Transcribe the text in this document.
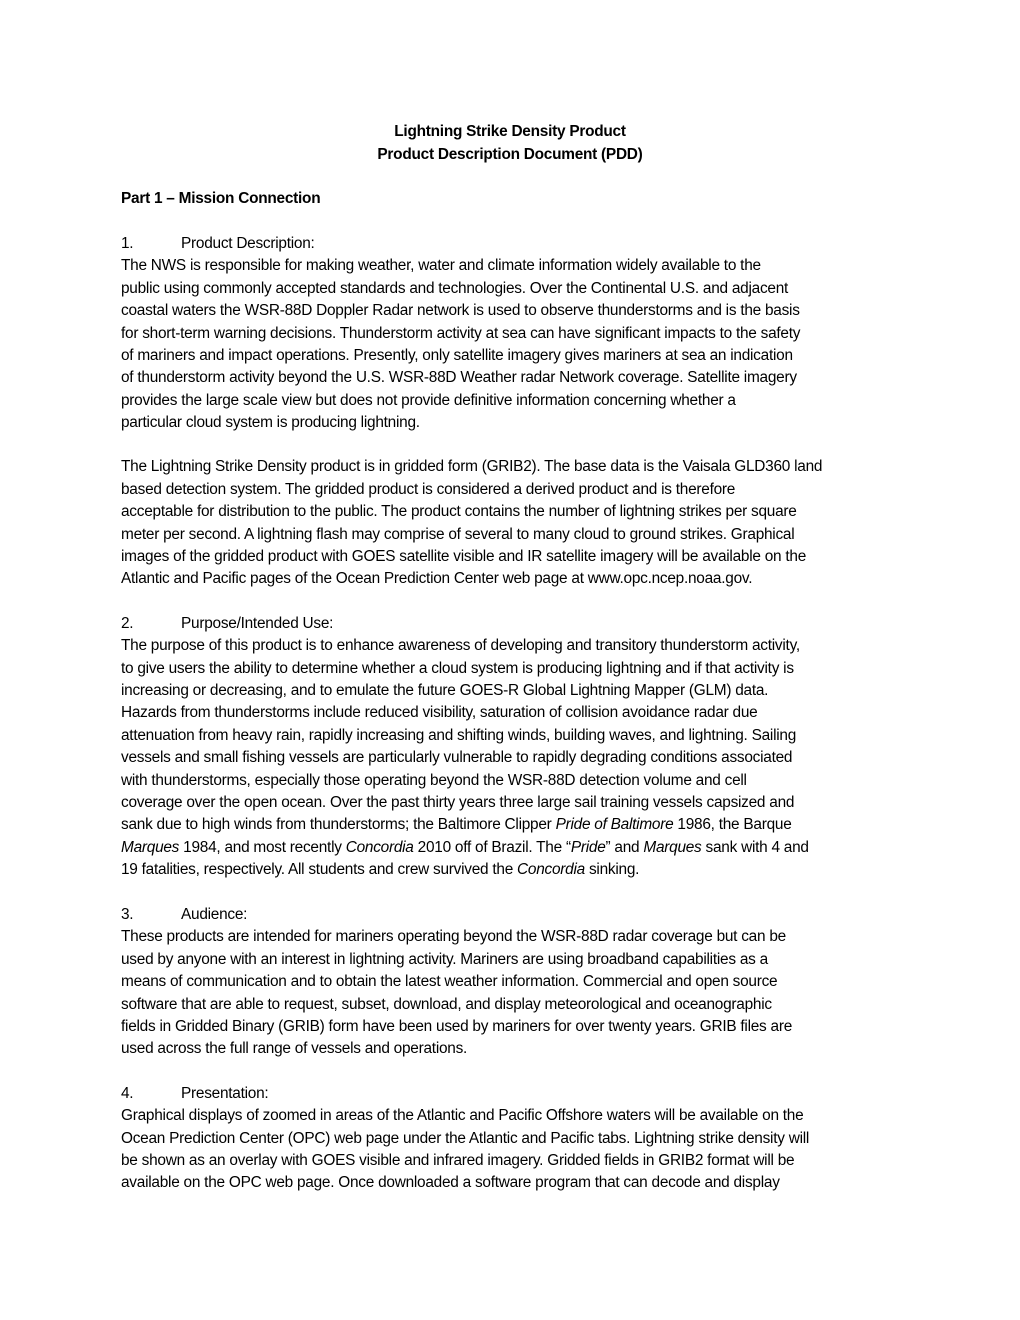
Lightning Strike Density Product
Product Description Document (PDD)
Part 1 – Mission Connection
1.	Product Description:
The NWS is responsible for making weather, water and climate information widely available to the
public using commonly accepted standards and technologies. Over the Continental U.S. and adjacent
coastal waters the WSR-88D Doppler Radar network is used to observe thunderstorms and is the basis
for short-term warning decisions. Thunderstorm activity at sea can have significant impacts to the safety
of mariners and impact operations. Presently, only satellite imagery gives mariners at sea an indication
of thunderstorm activity beyond the U.S. WSR-88D Weather radar Network coverage. Satellite imagery
provides the large scale view but does not provide definitive information concerning whether a
particular cloud system is producing lightning.
The Lightning Strike Density product is in gridded form (GRIB2). The base data is the Vaisala GLD360 land
based detection system. The gridded product is considered a derived product and is therefore
acceptable for distribution to the public. The product contains the number of lightning strikes per square
meter per second. A lightning flash may comprise of several to many cloud to ground strikes. Graphical
images of the gridded product with GOES satellite visible and IR satellite imagery will be available on the
Atlantic and Pacific pages of the Ocean Prediction Center web page at www.opc.ncep.noaa.gov.
2.	Purpose/Intended Use:
The purpose of this product is to enhance awareness of developing and transitory thunderstorm activity,
to give users the ability to determine whether a cloud system is producing lightning and if that activity is
increasing or decreasing, and to emulate the future GOES-R Global Lightning Mapper (GLM) data.
Hazards from thunderstorms include reduced visibility, saturation of collision avoidance radar due
attenuation from heavy rain, rapidly increasing and shifting winds, building waves, and lightning. Sailing
vessels and small fishing vessels are particularly vulnerable to rapidly degrading conditions associated
with thunderstorms, especially those operating beyond the WSR-88D detection volume and cell
coverage over the open ocean. Over the past thirty years three large sail training vessels capsized and
sank due to high winds from thunderstorms; the Baltimore Clipper Pride of Baltimore 1986, the Barque
Marques 1984, and most recently Concordia 2010 off of Brazil. The “Pride” and Marques sank with 4 and
19 fatalities, respectively. All students and crew survived the Concordia sinking.
3.	Audience:
These products are intended for mariners operating beyond the WSR-88D radar coverage but can be
used by anyone with an interest in lightning activity. Mariners are using broadband capabilities as a
means of communication and to obtain the latest weather information. Commercial and open source
software that are able to request, subset, download, and display meteorological and oceanographic
fields in Gridded Binary (GRIB) form have been used by mariners for over twenty years. GRIB files are
used across the full range of vessels and operations.
4.	Presentation:
Graphical displays of zoomed in areas of the Atlantic and Pacific Offshore waters will be available on the
Ocean Prediction Center (OPC) web page under the Atlantic and Pacific tabs. Lightning strike density will
be shown as an overlay with GOES visible and infrared imagery. Gridded fields in GRIB2 format will be
available on the OPC web page. Once downloaded a software program that can decode and display
